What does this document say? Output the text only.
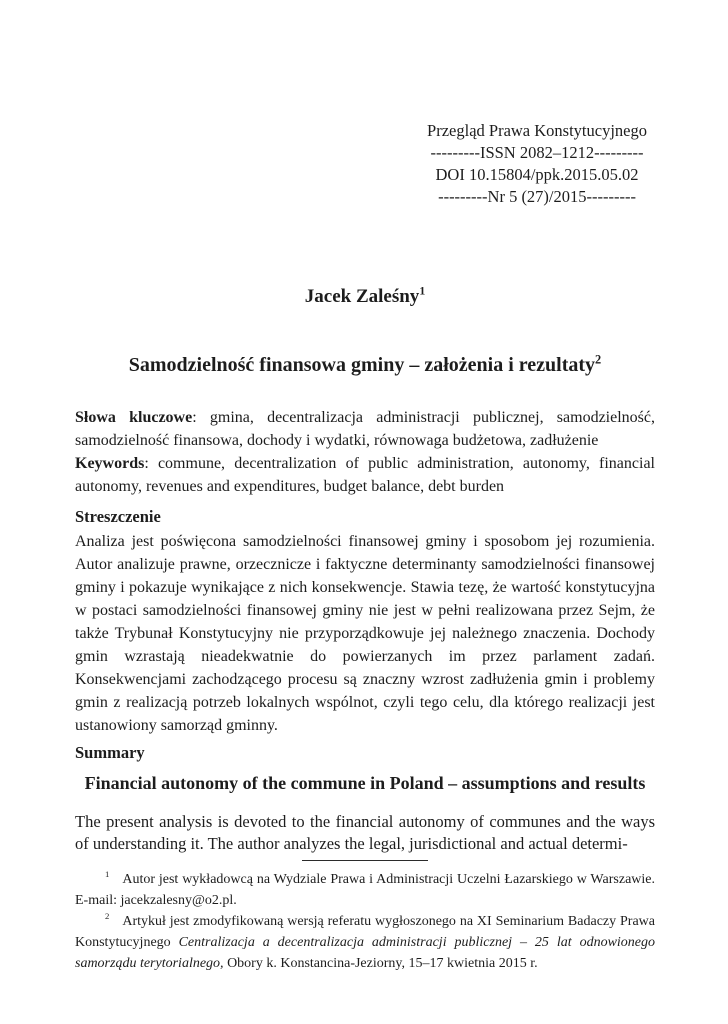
Przegląd Prawa Konstytucyjnego
---------ISSN 2082–1212---------
DOI 10.15804/ppk.2015.05.02
---------Nr 5 (27)/2015---------
Jacek Zaleśny$^1$
Samodzielność finansowa gminy – założenia i rezultaty$^2$

Słowa kluczowe: gmina, decentralizacja administracji publicznej, samodzielność, samodzielność finansowa, dochody i wydatki, równowaga budżetowa, zadłużenie

Keywords: commune, decentralization of public administration, autonomy, financial autonomy, revenues and expenditures, budget balance, debt burden

Streszczenie

Analiza jest poświęcona samodzielności finansowej gminy i sposobom jej rozumienia. Autor analizuje prawne, orzecznicze i faktyczne determinanty samodzielności finansowej gminy i pokazuje wynikające z nich konsekwencje. Stawia tezę, że wartość konstytucyjna w postaci samodzielności finansowej gminy nie jest w pełni realizowana przez Sejm, że także Trybunał Konstytucyjny nie przyporządkowuje jej należnego znaczenia. Dochody gmin wzrastają nieadekwatnie do powierzanych im przez parlament zadań. Konsekwencjami zachodzącego procesu są znaczny wzrost zadłużenia gmin i problemy gmin z realizacją potrzeb lokalnych wspólnot, czyli tego celu, dla którego realizacji jest ustanowiony samorząd gminny.

Summary

Financial autonomy of the commune in Poland – assumptions and results

The present analysis is devoted to the financial autonomy of communes and the ways of understanding it. The author analyzes the legal, jurisdictional and actual determi-

$^1$ Autor jest wykładowcą na Wydziale Prawa i Administracji Uczelni Łazarskiego w Warszawie. E-mail: jacekzalesny@o2.pl.

$^2$ Artykuł jest zmodyfikowaną wersją referatu wygłoszonego na XI Seminarium Badaczy Prawa Konstytucyjnego Centralizacja a decentralizacja administracji publicznej – 25 lat odnowionego samorządu terytorialnego, Obory k. Konstancina-Jeziorny, 15–17 kwietnia 2015 r.
